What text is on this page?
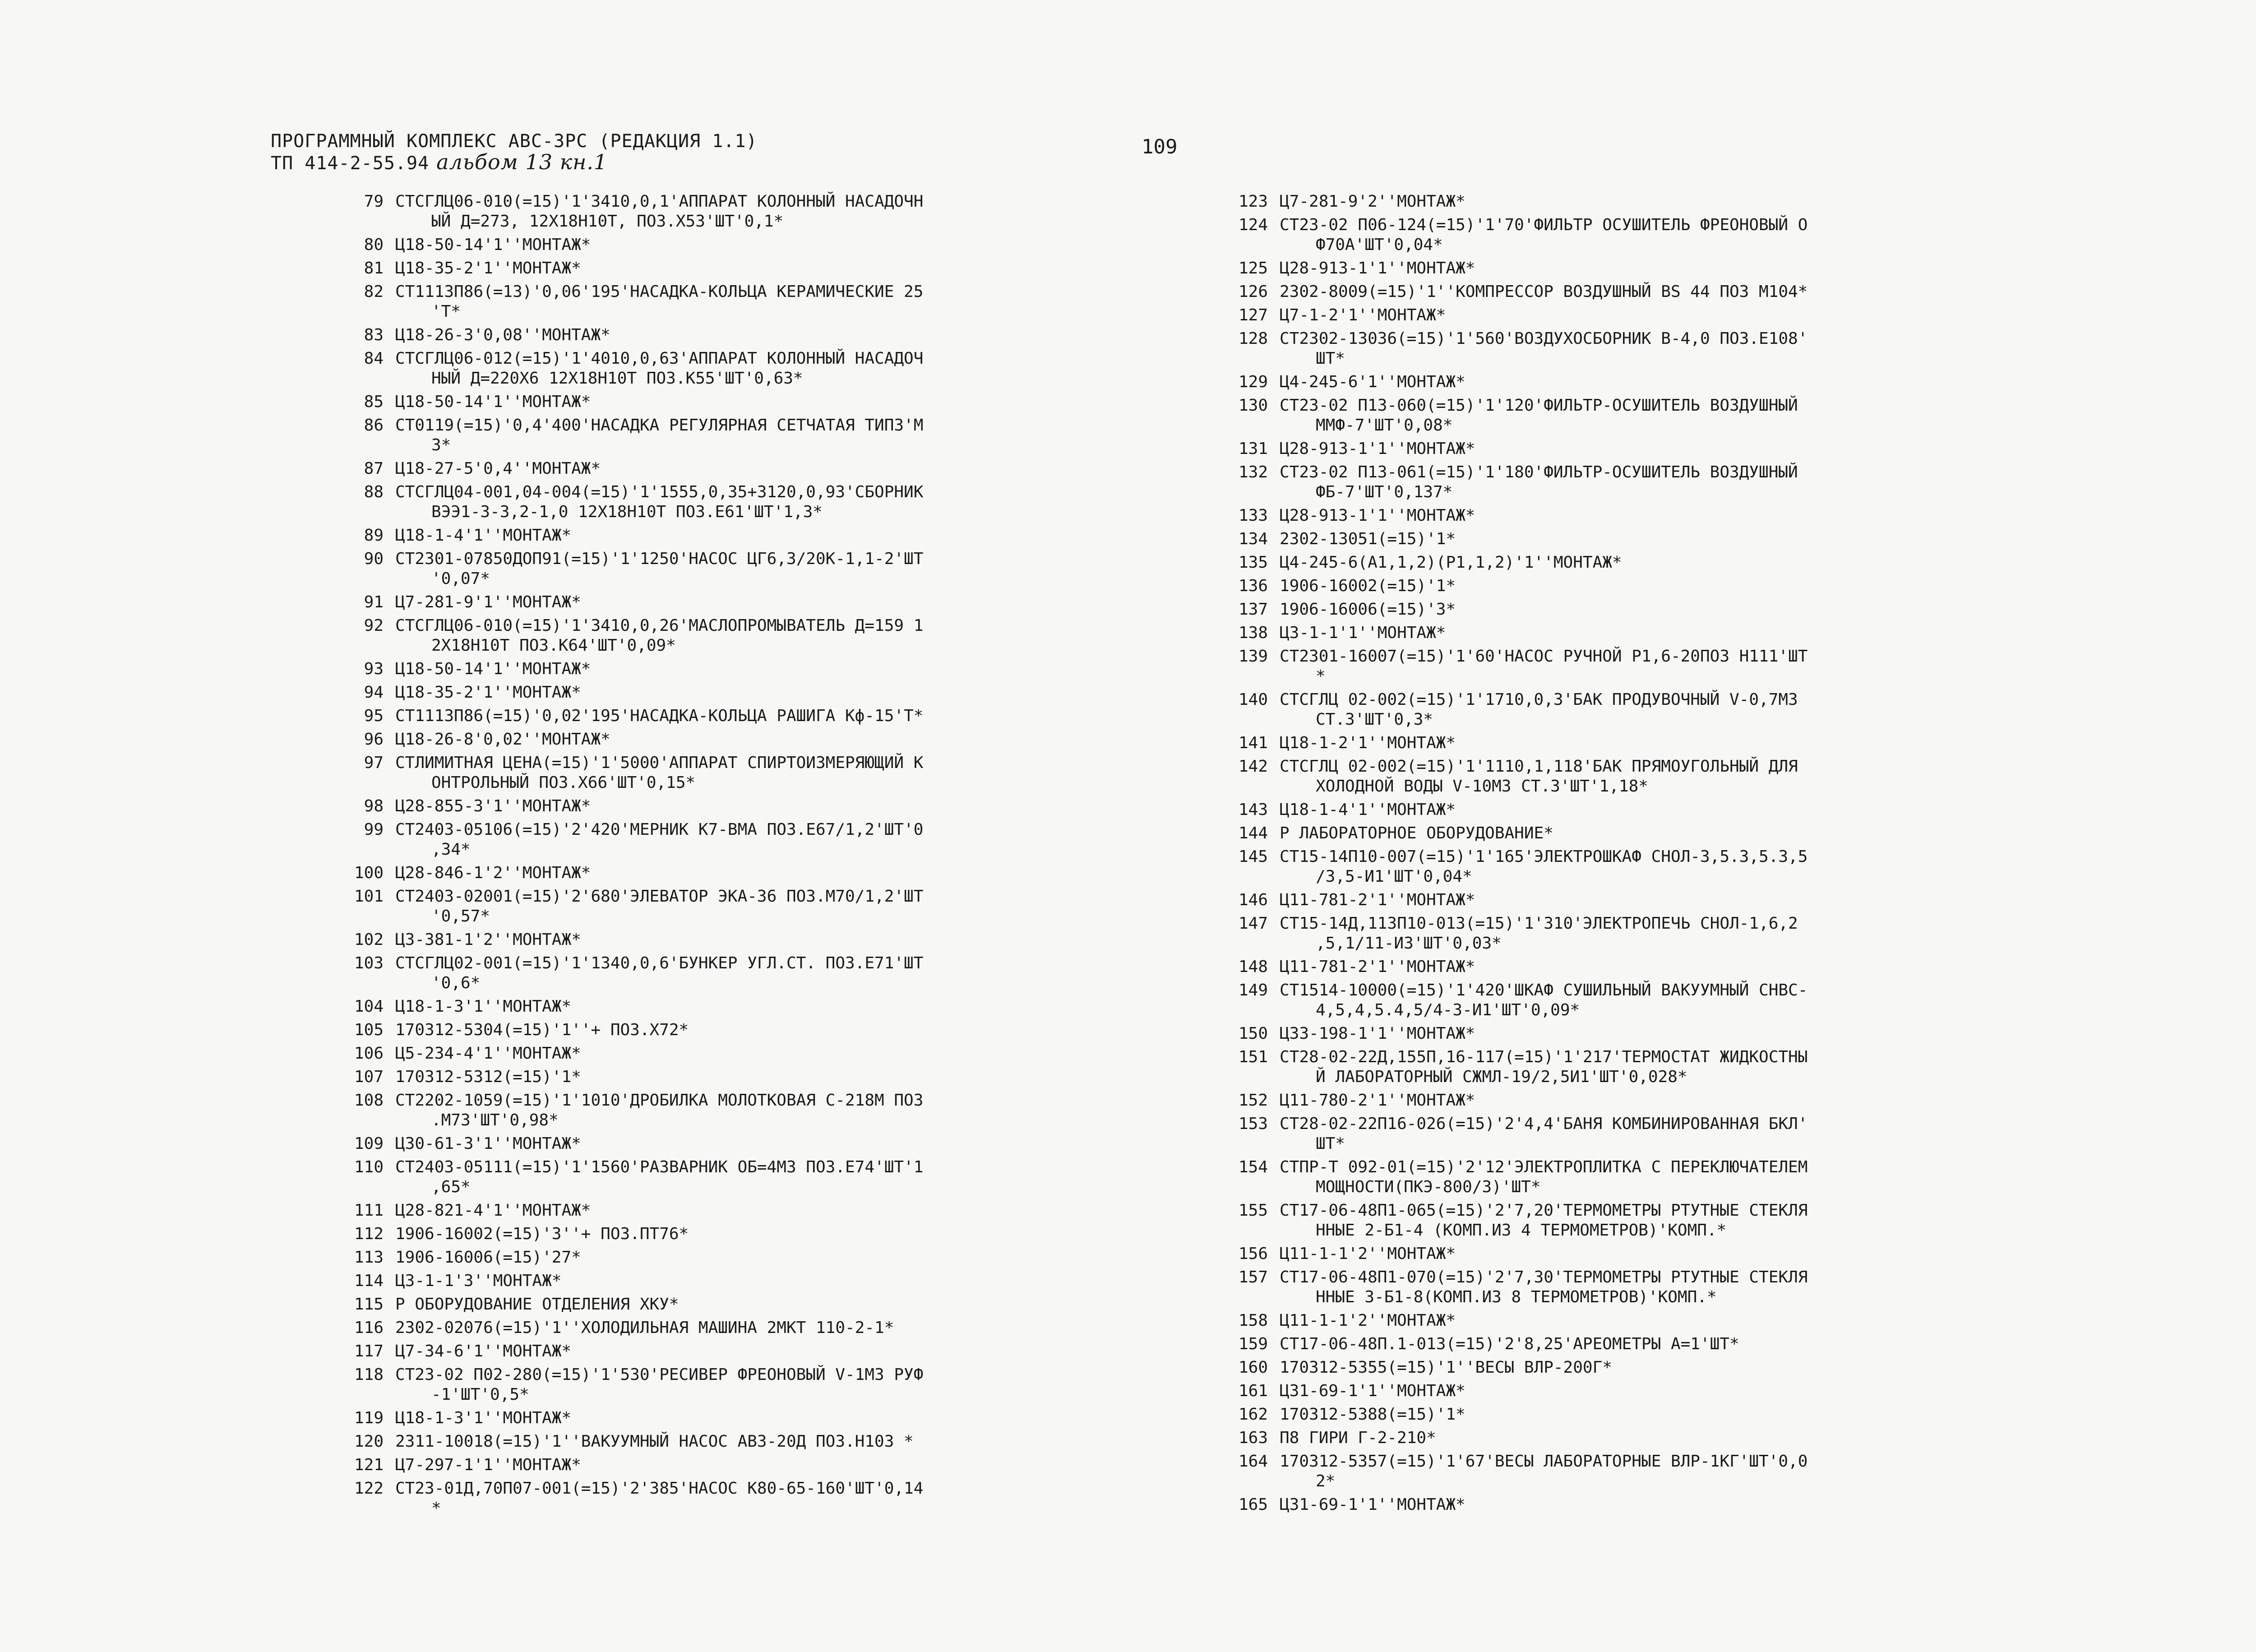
ПРОГРАММНЫЙ КОМПЛЕКС АВС-ЗРС (РЕДАКЦИЯ 1.1)
ТП 414-2-55.94 альбом 13 кн.1
109
79 СТСГЛЦ06-010(=15)'1'3410,0,1'АППАРАТ КОЛОННЫЙ НАСАДОЧН
ЫЙ Д=273, 12Х18Н10Т, ПОЗ.Х53'ШТ'0,1*
80 Ц18-50-14'1''МОНТАЖ*
81 Ц18-35-2'1''МОНТАЖ*
82 СТ1113П86(=13)'0,06'195'НАСАДКА-КОЛЬЦА КЕРАМИЧЕСКИЕ 25
'Т*
83 Ц18-26-3'0,08''МОНТАЖ*
84 СТСГЛЦ06-012(=15)'1'4010,0,63'АППАРАТ КОЛОННЫЙ НАСАДОЧ
НЫЙ Д=220Х6 12Х18Н10Т ПОЗ.К55'ШТ'0,63*
85 Ц18-50-14'1''МОНТАЖ*
86 СТ0119(=15)'0,4'400'НАСАДКА РЕГУЛЯРНАЯ СЕТЧАТАЯ ТИПЗ'М
3*
87 Ц18-27-5'0,4''МОНТАЖ*
88 СТСГЛЦ04-001,04-004(=15)'1'1555,0,35+3120,0,93'СБОРНИК
ВЭЭ1-3-3,2-1,0 12Х18Н10Т ПОЗ.Е61'ШТ'1,3*
89 Ц18-1-4'1''МОНТАЖ*
90 СТ2301-07850ДОП91(=15)'1'1250'НАСОС ЦГ6,3/20К-1,1-2'ШТ
'0,07*
91 Ц7-281-9'1''МОНТАЖ*
92 СТСГЛЦ06-010(=15)'1'3410,0,26'МАСЛОПРОМЫВАТЕЛЬ Д=159 1
2Х18Н10Т ПОЗ.К64'ШТ'0,09*
93 Ц18-50-14'1''МОНТАЖ*
94 Ц18-35-2'1''МОНТАЖ*
95 СТ1113П86(=15)'0,02'195'НАСАДКА-КОЛЬЦА РАШИГА Кф-15'Т*
96 Ц18-26-8'0,02''МОНТАЖ*
97 СТЛИМИТНАЯ ЦЕНА(=15)'1'5000'АППАРАТ СПИРТОИЗМЕРЯЮЩИЙ К
ОНТРОЛЬНЫЙ ПОЗ.Х66'ШТ'0,15*
98 Ц28-855-3'1''МОНТАЖ*
99 СТ2403-05106(=15)'2'420'МЕРНИК К7-ВМА ПОЗ.Е67/1,2'ШТ'0
,34*
100 Ц28-846-1'2''МОНТАЖ*
101 СТ2403-02001(=15)'2'680'ЭЛЕВАТОР ЭКА-36 ПОЗ.М70/1,2'ШТ
'0,57*
102 Ц3-381-1'2''МОНТАЖ*
103 СТСГЛЦ02-001(=15)'1'1340,0,6'БУНКЕР УГЛ.СТ. ПОЗ.Е71'ШТ
'0,6*
104 Ц18-1-3'1''МОНТАЖ*
105 170312-5304(=15)'1''+ ПОЗ.Х72*
106 Ц5-234-4'1''МОНТАЖ*
107 170312-5312(=15)'1*
108 СТ2202-1059(=15)'1'1010'ДРОБИЛКА МОЛОТКОВАЯ С-218М ПОЗ
.М73'ШТ'0,98*
109 Ц30-61-3'1''МОНТАЖ*
110 СТ2403-05111(=15)'1'1560'РАЗВАРНИК ОБ=4М3 ПОЗ.Е74'ШТ'1
,65*
111 Ц28-821-4'1''МОНТАЖ*
112 1906-16002(=15)'3''+ ПОЗ.ПТ76*
113 1906-16006(=15)'27*
114 Ц3-1-1'3''МОНТАЖ*
115 Р ОБОРУДОВАНИЕ ОТДЕЛЕНИЯ ХКУ*
116 2302-02076(=15)'1''ХОЛОДИЛЬНАЯ МАШИНА 2МКТ 110-2-1*
117 Ц7-34-6'1''МОНТАЖ*
118 СТ23-02 П02-280(=15)'1'530'РЕСИВЕР ФРЕОНОВЫЙ V-1М3 РУФ
-1'ШТ'0,5*
119 Ц18-1-3'1''МОНТАЖ*
120 2311-10018(=15)'1''ВАКУУМНЫЙ НАСОС АВЗ-20Д ПОЗ.Н103 *
121 Ц7-297-1'1''МОНТАЖ*
122 СТ23-01Д,70П07-001(=15)'2'385'НАСОС К80-65-160'ШТ'0,14
*
123 Ц7-281-9'2''МОНТАЖ*
124 СТ23-02 П06-124(=15)'1'70'ФИЛЬТР ОСУШИТЕЛЬ ФРЕОНОВЫЙ О
Ф70А'ШТ'0,04*
125 Ц28-913-1'1''МОНТАЖ*
126 2302-8009(=15)'1''КОМПРЕССОР ВОЗДУШНЫЙ ВS 44 ПОЗ М104*
127 Ц7-1-2'1''МОНТАЖ*
128 СТ2302-13036(=15)'1'560'ВОЗДУХОСБОРНИК В-4,0 ПОЗ.Е108'
ШТ*
129 Ц4-245-6'1''МОНТАЖ*
130 СТ23-02 П13-060(=15)'1'120'ФИЛЬТР-ОСУШИТЕЛЬ ВОЗДУШНЫЙ
ММФ-7'ШТ'0,08*
131 Ц28-913-1'1''МОНТАЖ*
132 СТ23-02 П13-061(=15)'1'180'ФИЛЬТР-ОСУШИТЕЛЬ ВОЗДУШНЫЙ
ФБ-7'ШТ'0,137*
133 Ц28-913-1'1''МОНТАЖ*
134 2302-13051(=15)'1*
135 Ц4-245-6(А1,1,2)(Р1,1,2)'1''МОНТАЖ*
136 1906-16002(=15)'1*
137 1906-16006(=15)'3*
138 Ц3-1-1'1''МОНТАЖ*
139 СТ2301-16007(=15)'1'60'НАСОС РУЧНОЙ Р1,6-20ПОЗ Н111'ШТ
*
140 СТСГЛЦ 02-002(=15)'1'1710,0,3'БАК ПРОДУВОЧНЫЙ V-0,7М3
СТ.3'ШТ'0,3*
141 Ц18-1-2'1''МОНТАЖ*
142 СТСГЛЦ 02-002(=15)'1'1110,1,118'БАК ПРЯМОУГОЛЬНЫЙ ДЛЯ
ХОЛОДНОЙ ВОДЫ V-10М3 СТ.3'ШТ'1,18*
143 Ц18-1-4'1''МОНТАЖ*
144 Р ЛАБОРАТОРНОЕ ОБОРУДОВАНИЕ*
145 СТ15-14П10-007(=15)'1'165'ЭЛЕКТРОШКАФ СНОЛ-3,5.3,5.3,5
/3,5-И1'ШТ'0,04*
146 Ц11-781-2'1''МОНТАЖ*
147 СТ15-14Д,113П10-013(=15)'1'310'ЭЛЕКТРОПЕЧЬ СНОЛ-1,6,2
,5,1/11-И3'ШТ'0,03*
148 Ц11-781-2'1''МОНТАЖ*
149 СТ1514-10000(=15)'1'420'ШКАФ СУШИЛЬНЫЙ ВАКУУМНЫЙ СНВС-
4,5,4,5.4,5/4-3-И1'ШТ'0,09*
150 Ц33-198-1'1''МОНТАЖ*
151 СТ28-02-22Д,155П,16-117(=15)'1'217'ТЕРМОСТАТ ЖИДКОСТНЫ
Й ЛАБОРАТОРНЫЙ СЖМЛ-19/2,5И1'ШТ'0,028*
152 Ц11-780-2'1''МОНТАЖ*
153 СТ28-02-22П16-026(=15)'2'4,4'БАНЯ КОМБИНИРОВАННАЯ БКЛ'
ШТ*
154 СТПР-Т 092-01(=15)'2'12'ЭЛЕКТРОПЛИТКА С ПЕРЕКЛЮЧАТЕЛЕМ
МОЩНОСТИ(ПКЭ-800/3)'ШТ*
155 СТ17-06-48П1-065(=15)'2'7,20'ТЕРМОМЕТРЫ РТУТНЫЕ СТЕКЛЯ
ННЫЕ 2-Б1-4 (КОМП.ИЗ 4 ТЕРМОМЕТРОВ)'КОМП.*
156 Ц11-1-1'2''МОНТАЖ*
157 СТ17-06-48П1-070(=15)'2'7,30'ТЕРМОМЕТРЫ РТУТНЫЕ СТЕКЛЯ
ННЫЕ 3-Б1-8(КОМП.ИЗ 8 ТЕРМОМЕТРОВ)'КОМП.*
158 Ц11-1-1'2''МОНТАЖ*
159 СТ17-06-48П.1-013(=15)'2'8,25'АРЕОМЕТРЫ А=1'ШТ*
160 170312-5355(=15)'1''ВЕСЫ ВЛР-200Г*
161 Ц31-69-1'1''МОНТАЖ*
162 170312-5388(=15)'1*
163 П8 ГИРИ Г-2-210*
164 170312-5357(=15)'1'67'ВЕСЫ ЛАБОРАТОРНЫЕ ВЛР-1КГ'ШТ'0,0
2*
165 Ц31-69-1'1''МОНТАЖ*
